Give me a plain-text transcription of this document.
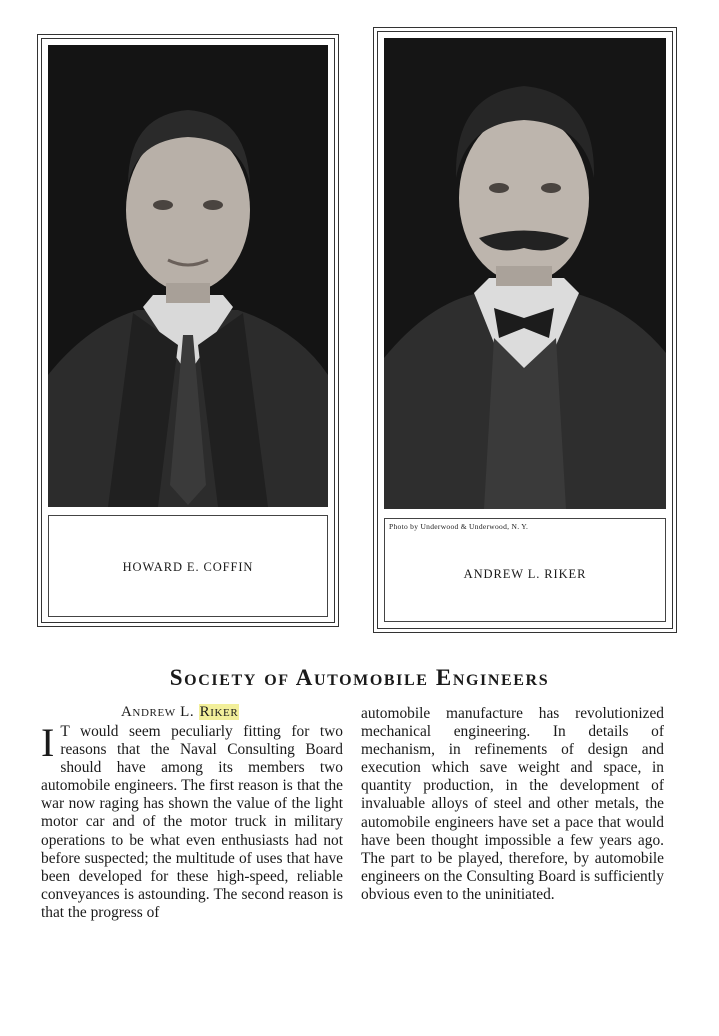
HOWARD E. COFFIN
Photo by Underwood & Underwood, N. Y.
ANDREW L. RIKER
Society of Automobile Engineers
Andrew L. Riker
I T would seem peculiarly fitting for two reasons that the Naval Consulting Board should have among its members two automobile engineers. The first reason is that the war now raging has shown the value of the light motor car and of the motor truck in military operations to be what even enthusiasts had not before suspected; the multitude of uses that have been developed for these high-speed, reliable conveyances is astounding. The second reason is that the progress of
automobile manufacture has revolutionized mechanical engineering. In details of mechanism, in refinements of design and execution which save weight and space, in quantity production, in the development of invaluable alloys of steel and other metals, the automobile engineers have set a pace that would have been thought impossible a few years ago. The part to be played, therefore, by automobile engineers on the Consulting Board is sufficiently obvious even to the uninitiated.
